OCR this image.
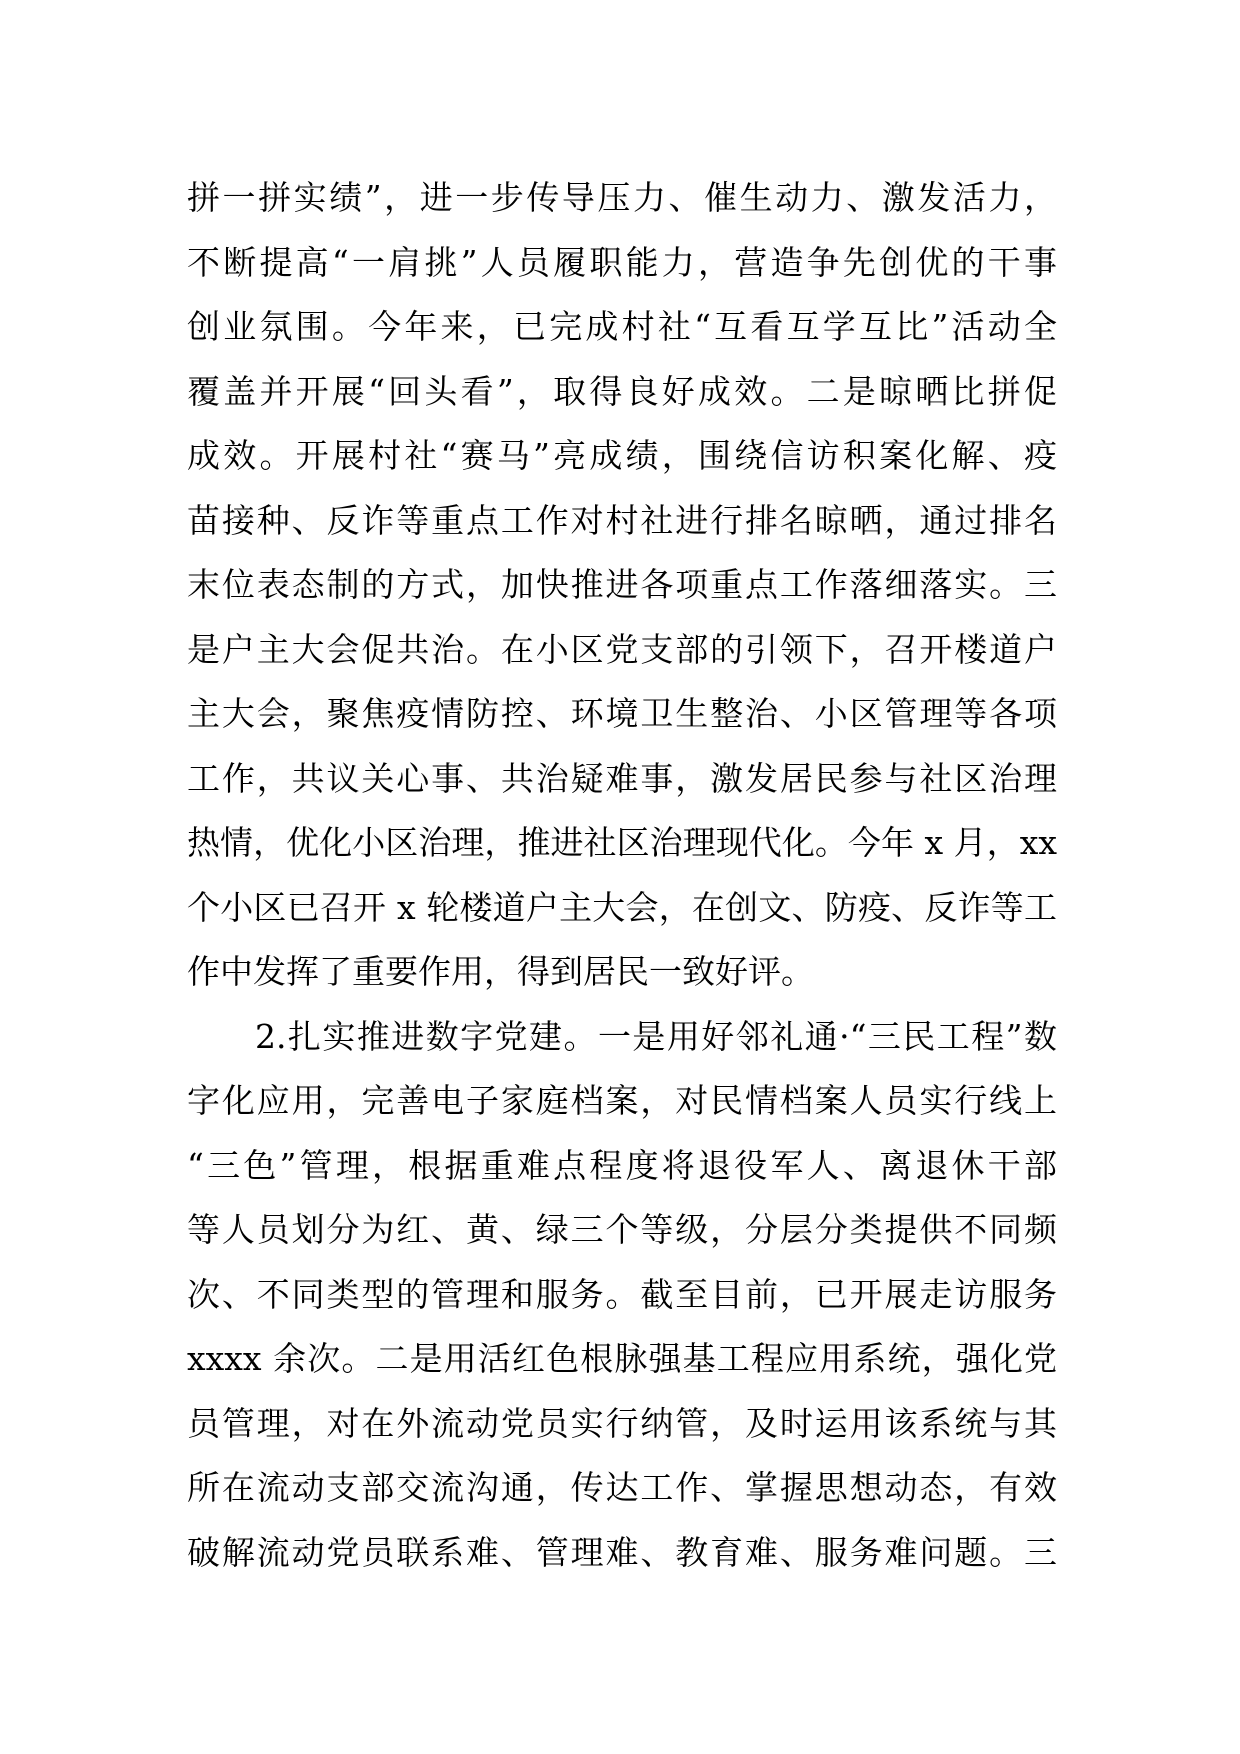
拼一拼实绩”，进一步传导压力、催生动力、激发活力，
不断提高“一肩挑”人员履职能力，营造争先创优的干事
创业氛围。今年来，已完成村社“互看互学互比”活动全
覆盖并开展“回头看”，取得良好成效。二是晾晒比拼促
成效。开展村社“赛马”亮成绩，围绕信访积案化解、疫
苗接种、反诈等重点工作对村社进行排名晾晒，通过排名
末位表态制的方式，加快推进各项重点工作落细落实。三
是户主大会促共治。在小区党支部的引领下，召开楼道户
主大会，聚焦疫情防控、环境卫生整治、小区管理等各项
工作，共议关心事、共治疑难事，激发居民参与社区治理
热情，优化小区治理，推进社区治理现代化。今年 x 月，xx
个小区已召开 x 轮楼道户主大会，在创文、防疫、反诈等工
作中发挥了重要作用，得到居民一致好评。
2.扎实推进数字党建。一是用好邻礼通·“三民工程”数
字化应用，完善电子家庭档案，对民情档案人员实行线上
“三色”管理，根据重难点程度将退役军人、离退休干部
等人员划分为红、黄、绿三个等级，分层分类提供不同频
次、不同类型的管理和服务。截至目前，已开展走访服务
xxxx 余次。二是用活红色根脉强基工程应用系统，强化党
员管理，对在外流动党员实行纳管，及时运用该系统与其
所在流动支部交流沟通，传达工作、掌握思想动态，有效
破解流动党员联系难、管理难、教育难、服务难问题。三
